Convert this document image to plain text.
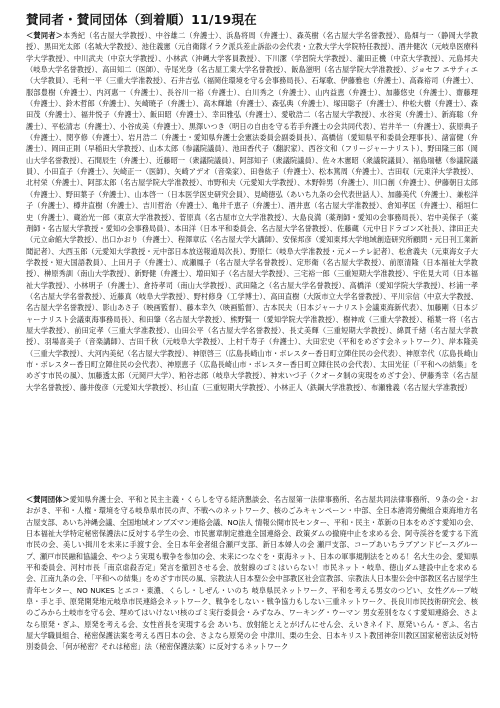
賛同者・賛同団体（到着順）11/19現在
＜賛同者＞本秀紀（名古屋大学教授）、中谷雄二（弁護士）、浜島将周（弁護士）、森英樹（名古屋大学名誉教授）、島畑与一（静岡大学教授）、黒田光太郎（名城大学教授）、池住義憲（元自衛隊イラク派兵差止訴訟の会代表・立教大学大学院特任教授）、酒井健次（元岐阜医療科学大学教授）、中川武夫（中京大学教授）、小林武（沖縄大学客員教授）、下川潔（学習院大学教授）、瀧田正機（中京大学教授）、元島邦夫（岐阜大学名誉教授）、高田知二（医師）、寺尾光身（名古屋工業大学名誉教授）、飯島滋明（名古屋学院大学准教授）、ジョセフ エサティエ（大学教員）、毛利一平（三重大学准教授）、石井吉弘（福岡住環境を守る会事務局長）、石塚歌、伊藤雅也（弁護士）、高森裕司（弁護士）、服部豊樹（弁護士）、内河惠一（弁護士）、長谷川一裕（弁護士）、白川秀之（弁護士）、山内益恵（弁護士）、加藤悠史（弁護士）、齋藤理（弁護士）、鈴木哲郎（弁護士）、矢崎暁子（弁護士）、高木輝雄（弁護士）、森弘典（弁護士）、塚田聡子（弁護士）、仲松大樹（弁護士）、森田茂（弁護士）、福井悦子（弁護士）、飯田昭（弁護士）、幸田雅弘（弁護士）、愛敬浩二（名古屋大学教授）、水谷実（弁護士）、新海聡（弁護士）、平松清志（弁護士）、小谷成美（弁護士）、黒澤いつき（明日の自由を守る若手弁護士の会共同代表）、岩井羊一（弁護士）、荻原典子（弁護士）、閔亨修（弁護士）、岩月浩二（弁護士・愛知県弁護士会憲法委員会副委員長）、高橋信（愛知県平和委員会理事長）、諸富健（弁護士）、岡田正則（早稲田大学教授）、山本太郎（参議院議員）、池田香代子（翻訳家）、西谷文和（フリージャーナリスト）、野田隆三郎（岡山大学名誉教授）、石間辰生（弁護士）、近藤昭一（衆議院議員）、阿部知子（衆議院議員）、佐々木憲昭（衆議院議員）、福島瑞穂（参議院議員）、小田直子（弁護士）、矢崎正一（医師）、矢崎アデオ（音楽家）、田巻紘子（弁護士）、松本篤周（弁護士）、吉田収（元東洋大学教授）、北村栄（弁護士）、阿部太郎（名古屋学院大学准教授）、市野和夫（元愛知大学教授）、木野幹男（弁護士）、川口創（弁護士）、伊藤朝日太郎（弁護士）、野田葉子（弁護士）、山本啓一（日本医学医史研究会員）、見崎徳弘（あいち九条の会代表世話人）、加藤美代（弁護士）、兼松洋子（弁護士）、樽井直樹（弁護士）、吉川哲治（弁護士）、亀井千恵子（弁護士）、酒井恵（名古屋大学准教授）、倉知孝匡（弁護士）、稲垣仁史（弁護士）、蔵治光一郎（東京大学准教授）、菅原真（名古屋市立大学准教授）、大島良満（薬剤師・愛知の会事務局長）、岩中美保子（薬剤師・名古屋大学教授・愛知の会事務局員）、本田洋（日本平和委員会、名古屋大学名誉教授）、佐藤蔵（元中日ドラゴンズ社長）、津田正夫（元立命館大学教授）、出口かおり（弁護士）、程澤章広（名古屋大学大講師）、安保邦彦（愛知東邦大学地域創造研究所顧問・元日刊工業新聞記者）、大西玉郎（元愛知大学教授・元中部日本放送報道局次長）、野原仁（岐阜大学准教授・元メーテレ記者）、松倉義夫（元東海女子大学教授・短大国語教員）、上田月子（弁護士）、成瀬鳳子（名古屋大学名誉教授）、定形衛（名古屋大学教授）、前原清隆（日本福祉大学教授）、榊原秀訓（南山大学教授）、新野健（弁護士）、増田知子（名古屋大学教授）、三宅裕一郎（三重短期大学准教授）、宇佐見大司（日本福祉大学教授）、小林明子（弁護士）、倉持孝司（南山大学教授）、武田隆之（名古屋大学名誉教授）、高橋洋（愛知学院大学教授）、杉浦一孝（名古屋大学名誉教授）、近藤真（岐阜大学教授）、野村修身（工学博士）、高田直樹（大阪市立大学名誉教授）、平川宗信（中京大学教授、名古屋大学名誉教授）、影山あさ子（映画監督）、藤本幸久（映画監督）、古本民夫（日本ジャーナリスト会議東海新代表）、加藤剛（日本ジャーナリスト会議東海事務局長）、和田肇（名古屋大学教授）、熊野賢一（愛知学院大学准教授）、樹神成（三重大学教授）、稲葉一将（名古屋大学教授）、前田定孝（三重大学准教授）、山田公平（名古屋大学名誉教授）、長丈美輝（三重短期大学教授）、綿貫千緒（名古屋大学教授）、羽場喜美子（音楽講師）、吉田千秋（元岐阜大学教授）、上村千寿子（弁護士）、大田宏史（平和をめざす会ネットワーク）、岸本隆美（三重大学教授）、大河内美紀（名古屋大学教授）、神原啓三（広島長崎山市・ボレスター香日町立陣住民の会代表）、神原幸代（広島長崎山市・ボレスター香日町立陣住民の会代表）、神原恵子（広島長崎山市・ボレスター香日町立陣住民の会代表）、太田光征（「平和への結集」をめざす市民の風）、加藤透太郎（元岡戸大学）、粕谷志郎（岐阜大学教授）、神末いづ子（クオータ制の実現をめざす会）、伊藤秀幸（名古屋大学名誉教授）、藤井俊彦（元愛知大学教授）、杉山直（三重短期大学教授）、小林正人（鉄鋼大学准教授）、布瀬雅義（名古屋大学准教授）
＜賛同団体＞愛知県弁護士会、平和と民主主義・くらしを守る経済懇談会、名古屋第一法律事務所、名古屋共同法律事務所、９条の会・おおがき、平和・人権・環境を守る岐阜県市民の声、不戦へのネットワーク、核のごみキャンペーン・中部、全日本港湾労働組合東海地方名古屋支部、あいち沖縄会議、全国地域オンブズマン連絡会議、NO法人 情報公開市民センター、平和・民主・革新の日本をめざす愛知の会、日本福祉大学特定秘密保護法に反対する学生の会、市民憲章制定推進全国連絡会、政策ダムの撤廃中止を求める会、阿寺渓谷を愛する下流市民の会、美しい揖川を未来に手渡す会、全日本年金者組合瀬戸支部、新日本婦人の会 瀬戸支部、コープあいちラブアンドピースグループ、瀬戸市民融和協議会、やつよう実現も戦争を参加の会、未来につなぐを・東海ネット、日本の軍事規制法をとめる！名大生の会、愛知県平和委員会、河村市長「南京虐殺否定」発言を撤回させる会、放射線のゴミはいらない！市民ネット・岐阜、徳山ダム建設中止を求める会、江南九条の会、「平和への結集」をめざす市民の風、宗教法人日本聖公会中部教区社会宣教部、宗教法人日本聖公会中部教区名古屋学生青年センター、NO NUKES とエコ・東濃、くらし・しぜん・いのち 岐阜県民ネットワーク、平和を考える男女のつどい、女性グループ岐阜・手と手、原発開発地元岐阜市民連絡会ネットワーク、戦争をしない・戦争協力もしない三重ネットワーク、長良川市民技術研究会、核のごみから土岐市を守る会、埋めてはいけない!核のゴミ実行委員会・みずなみ、ワーキング・ウーマン 男女差別をなくす愛知連絡会、さよなら原発・ぎふ、原発を考える会、女性首長を実現する会 あいち、放射能とえとがげんにせん会、えいきネイド、原発いらん・ぎふ、名古屋大学職員組合、秘密保護法案を考える西日本の会、さよなら原発の会 中津川、栗の生会、日本キリスト教団神奈川教区国家秘密法反対特別委員会、「何が秘密？それは秘密」法（秘密保護法案）に反対するネットワーク
